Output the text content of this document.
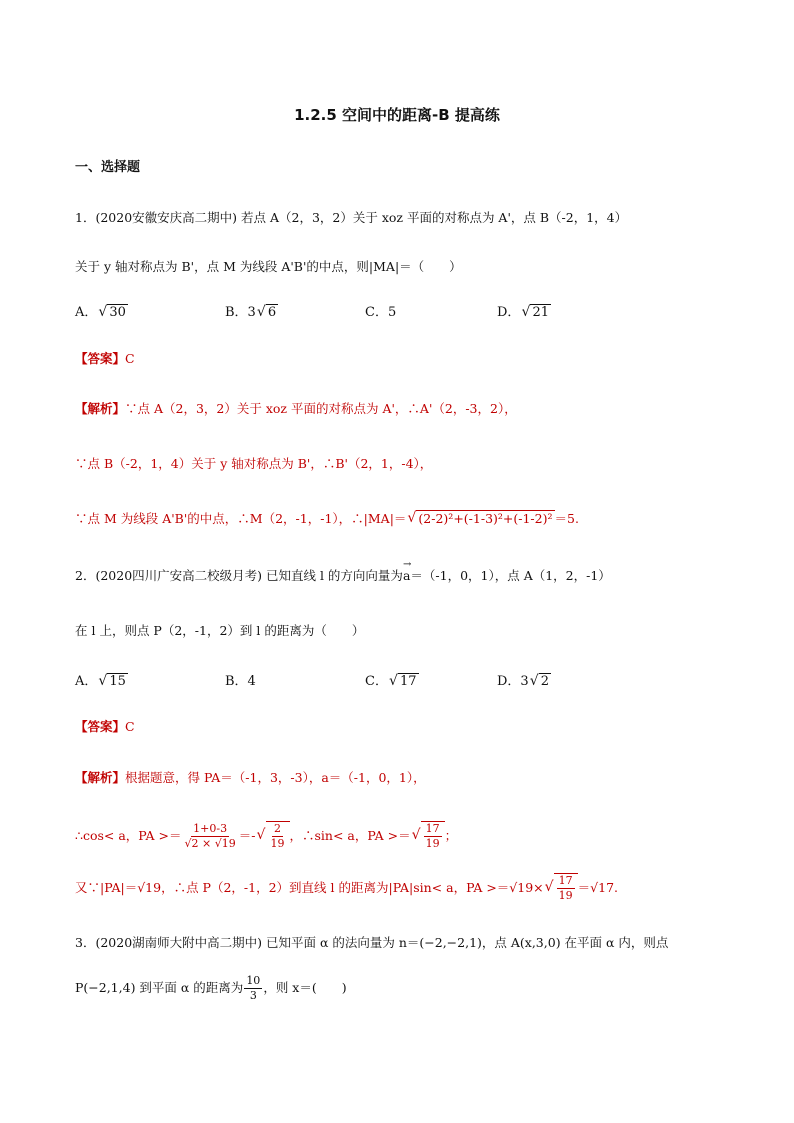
1.2.5 空间中的距离-B 提高练
一、选择题
1．(2020安徽安庆高二期中) 若点 A（2，3，2）关于 xoz 平面的对称点为 A'，点 B（-2，1，4）
关于 y 轴对称点为 B'，点 M 为线段 A'B'的中点，则|MA|＝（　　）
A． √ 30	B．3 √ 6	C．5	D． √ 21
【答案】C
【解析】∵点 A（2，3，2）关于 xoz 平面的对称点为 A'，∴A'（2，-3，2），
∵点 B（-2，1，4）关于 y 轴对称点为 B'，∴B'（2，1，-4），
∵点 M 为线段 A'B'的中点，∴M（2，-1，-1），∴|MA|＝ √ (2-2)²+(-1-3)²+(-1-2)² ＝5.
2．(2020四川广安高二校级月考) 已知直线 l 的方向向量为→ a＝（-1，0，1），点 A（1，2，-1）
在 l 上，则点 P（2，-1，2）到 l 的距离为（　　）
A． √ 15	B．4	C． √ 17	D．3 √ 2
【答案】C
【解析】根据题意，得 PA＝（-1，3，-3），a＝（-1，0，1），
∴cos< a，PA >＝ $\frac{1+0-3}{√2 \times √19}$ ＝- √ $\frac{2}{19}$ ，∴sin< a，PA >＝ √ $\frac{17}{19}$ ；
又∵|PA|＝√19，∴点 P（2，-1，2）到直线 l 的距离为|PA|sin< a，PA >＝√19× √ $\frac{17}{19} =√17$.
3．(2020湖南师大附中高二期中) 已知平面 α 的法向量为 n＝(−2,−2,1)，点 A(x,3,0) 在平面 α 内，则点
P(−2,1,4) 到平面 α 的距离为 $\frac{10}{3}$ ，则 x＝(　　)
